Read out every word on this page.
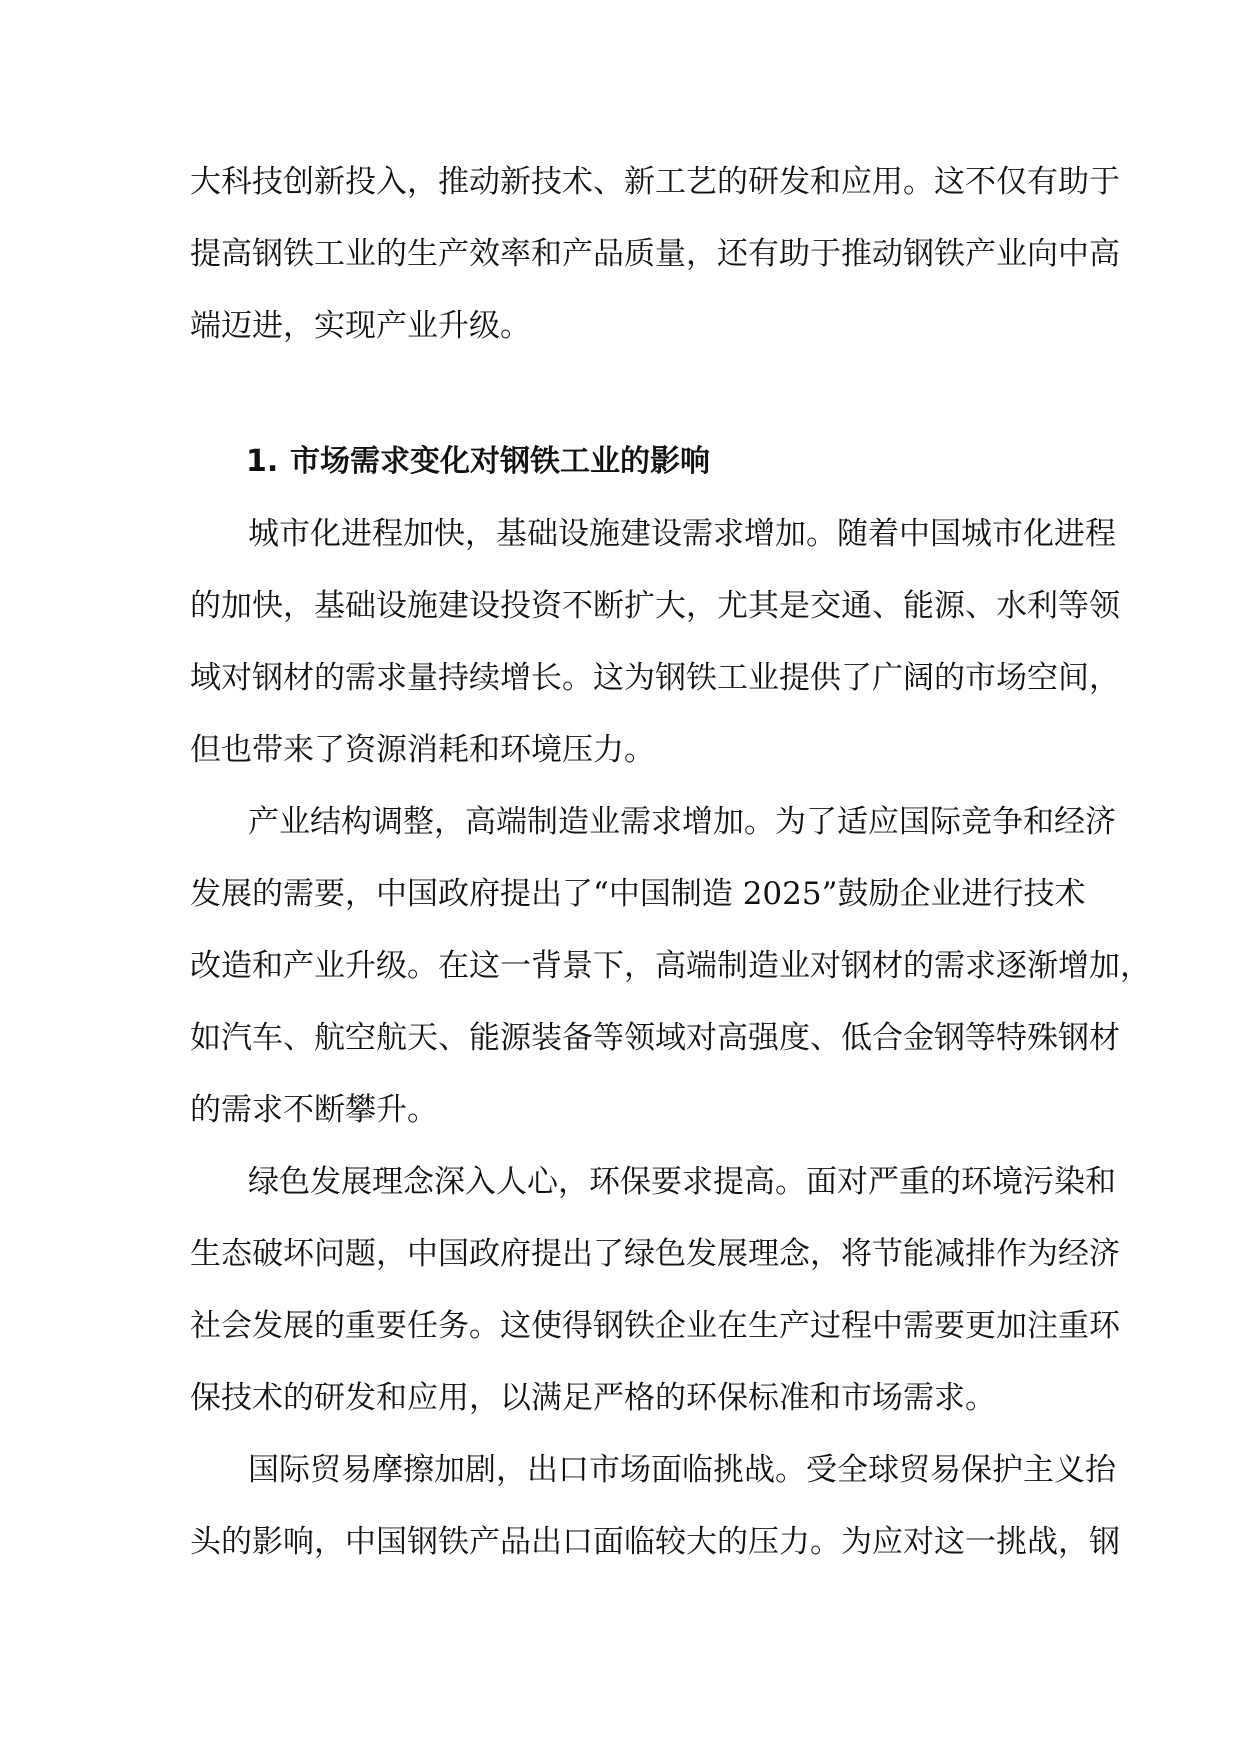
大科技创新投入，推动新技术、新工艺的研发和应用。这不仅有助于
提高钢铁工业的生产效率和产品质量，还有助于推动钢铁产业向中高
端迈进，实现产业升级。
1. 市场需求变化对钢铁工业的影响
城市化进程加快，基础设施建设需求增加。随着中国城市化进程
的加快，基础设施建设投资不断扩大，尤其是交通、能源、水利等领
域对钢材的需求量持续增长。这为钢铁工业提供了广阔的市场空间，
但也带来了资源消耗和环境压力。
产业结构调整，高端制造业需求增加。为了适应国际竞争和经济
发展的需要，中国政府提出了“中国制造 2025”鼓励企业进行技术
改造和产业升级。在这一背景下，高端制造业对钢材的需求逐渐增加，
如汽车、航空航天、能源装备等领域对高强度、低合金钢等特殊钢材
的需求不断攀升。
绿色发展理念深入人心，环保要求提高。面对严重的环境污染和
生态破坏问题，中国政府提出了绿色发展理念，将节能减排作为经济
社会发展的重要任务。这使得钢铁企业在生产过程中需要更加注重环
保技术的研发和应用，以满足严格的环保标准和市场需求。
国际贸易摩擦加剧，出口市场面临挑战。受全球贸易保护主义抬
头的影响，中国钢铁产品出口面临较大的压力。为应对这一挑战，钢
